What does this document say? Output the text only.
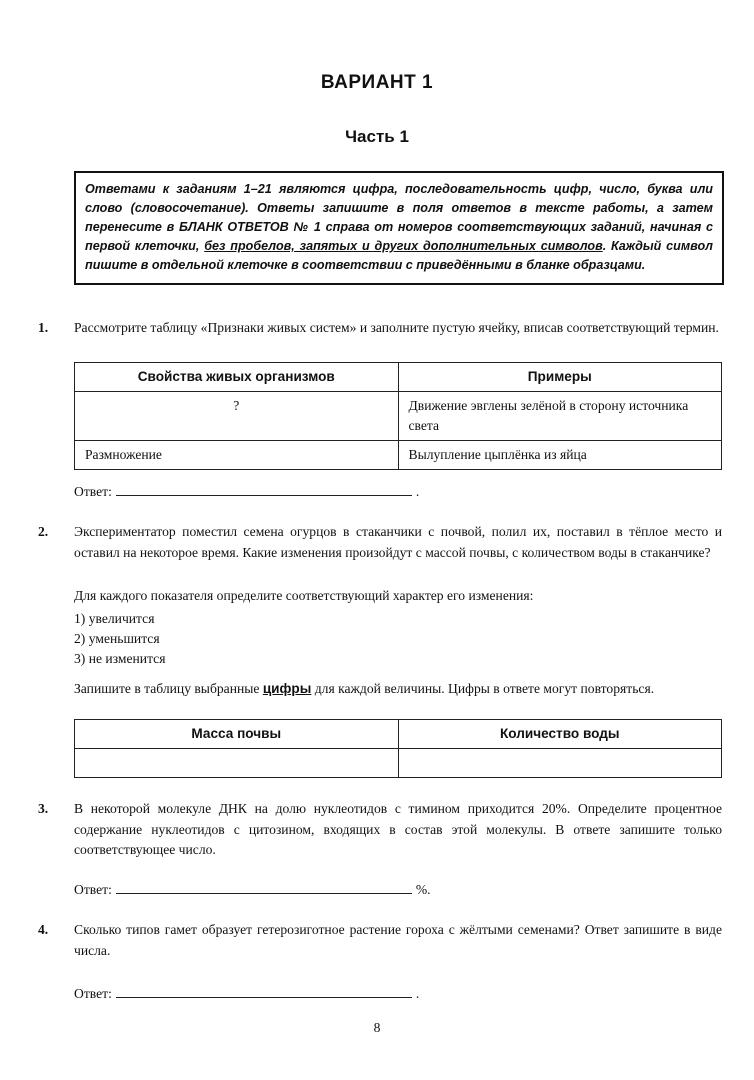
ВАРИАНТ 1
Часть 1
Ответами к заданиям 1–21 являются цифра, последовательность цифр, число, буква или слово (словосочетание). Ответы запишите в поля ответов в тексте работы, а затем перенесите в БЛАНК ОТВЕТОВ № 1 справа от номеров соответствующих заданий, начиная с первой клеточки, без пробелов, запятых и других дополнительных символов. Каждый символ пишите в отдельной клеточке в соответствии с приведёнными в бланке образцами.
1. Рассмотрите таблицу «Признаки живых систем» и заполните пустую ячейку, вписав соответствующий термин.
Свойства живых организмов	Примеры
?	Движение эвглены зелёной в сторону источника света
Размножение	Вылупление цыплёнка из яйца
Ответ:	.
2. Экспериментатор поместил семена огурцов в стаканчики с почвой, полил их, поставил в тёплое место и оставил на некоторое время. Какие изменения произойдут с массой почвы, с количеством воды в стаканчике?
Для каждого показателя определите соответствующий характер его изменения:
1) увеличится
2) уменьшится
3) не изменится
Запишите в таблицу выбранные цифры для каждой величины. Цифры в ответе могут повторяться.
Масса почвы	Количество воды

3. В некоторой молекуле ДНК на долю нуклеотидов с тимином приходится 20%. Определите процентное содержание нуклеотидов с цитозином, входящих в состав этой молекулы. В ответе запишите только соответствующее число.
Ответ:	%.
4. Сколько типов гамет образует гетерозиготное растение гороха с жёлтыми семенами? Ответ запишите в виде числа.
Ответ:	.
8
